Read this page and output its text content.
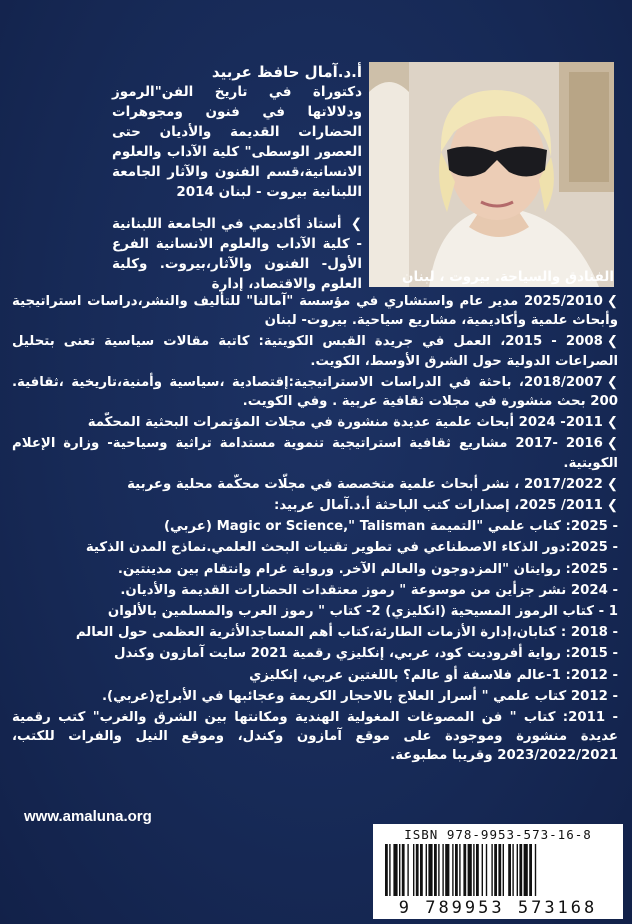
أ.د.آمال حافظ عربيد
دكتوراة في تاريخ الفن"الرموز ودلالاتها في فنون ومجوهرات الحضارات القديمة والأديان حتى العصور الوسطى" كلية الآداب والعلوم الانسانية،قسم الفنون والآثار الجامعة اللبنانية بيروت - لبنان 2014
❯ أستاذ أكاديمي في الجامعة اللبنانية - كلية الآداب والعلوم الانسانية الفرع الأول- الفنون والآثار،بيروت. وكلية العلوم والاقتصاد، إدارة	الفنادق والسياحة. بيروت ، لبنان

❯2025/2010 مدير عام واستشاري في مؤسسة "آمالنا" للتأليف والنشر،دراسات استراتيجية وأبحاث علمية وأكاديمية، مشاريع سياحية. بيروت- لبنان

❯2008 - 2015، العمل في جريدة القبس الكويتية: كاتبة مقالات سياسية تعنى بتحليل الصراعات الدولية حول الشرق الأوسط، الكويت.

❯2018/2007، باحثة في الدراسات الاستراتيجية:إقتصادية ،سياسية وأمنية،تاريخية ،ثقافية. 200 بحث منشورة في مجلات ثقافية عربية . وفي الكويت.

❯2011- 2024 أبحاث علمية عديدة منشورة في مجلات المؤتمرات البحثية المحكّمة

❯2016 -2017 مشاريع ثقافية استراتيجية تنموية مستدامة تراثية وسياحية- وزارة الإعلام الكويتية.

❯2017/2022 ، نشر أبحاث علمية متخصصة في مجلّات محكّمة محلية وعربية

❯2011/ 2025، إصدارات كتب الباحثة أ.د.آمال عربيد:

- 2025: كتاب علمي "التميمة Magic or Science," Talisman (عربي)

- 2025:دور الذكاء الاصطناعي في تطوير تقنيات البحث العلمي.نماذج المدن الذكية

- 2025: روايتان "المزدوجون والعالم الآخر. ورواية غرام وانتقام بين مدينتين.

- 2024 نشر جزأين من موسوعة " رموز معتقدات الحضارات القديمة والأديان.

1 - كتاب الرموز المسيحية (انكليزي) 2- كتاب " رموز العرب والمسلمين بالألوان

- 2018 : كتابان،إدارة الأزمات الطارئة،كتاب أهم المساجدالأثرية العظمى حول العالم

- 2015: رواية أفروديت كود، عربي، إنكليزي رقمية 2021 سايت آمازون وكندل

- 2012: 1-عالم فلاسفة أو عالم؟ باللغتين عربي، إنكليزي

- 2012 كتاب علمي " أسرار العلاج بالاحجار الكريمة وعجائبها في الأبراج(عربي).

- 2011: كتاب " فن المصوغات المغولية الهندية ومكانتها بين الشرق والغرب" كتب رقمية عديدة منشورة وموجودة على موقع آمازون وكندل، وموقع النيل والفرات للكتب، 2023/2022/2021 وقريبا مطبوعة.

www.amaluna.org
ISBN 978-9953-573-16-8
9 789953 573168
